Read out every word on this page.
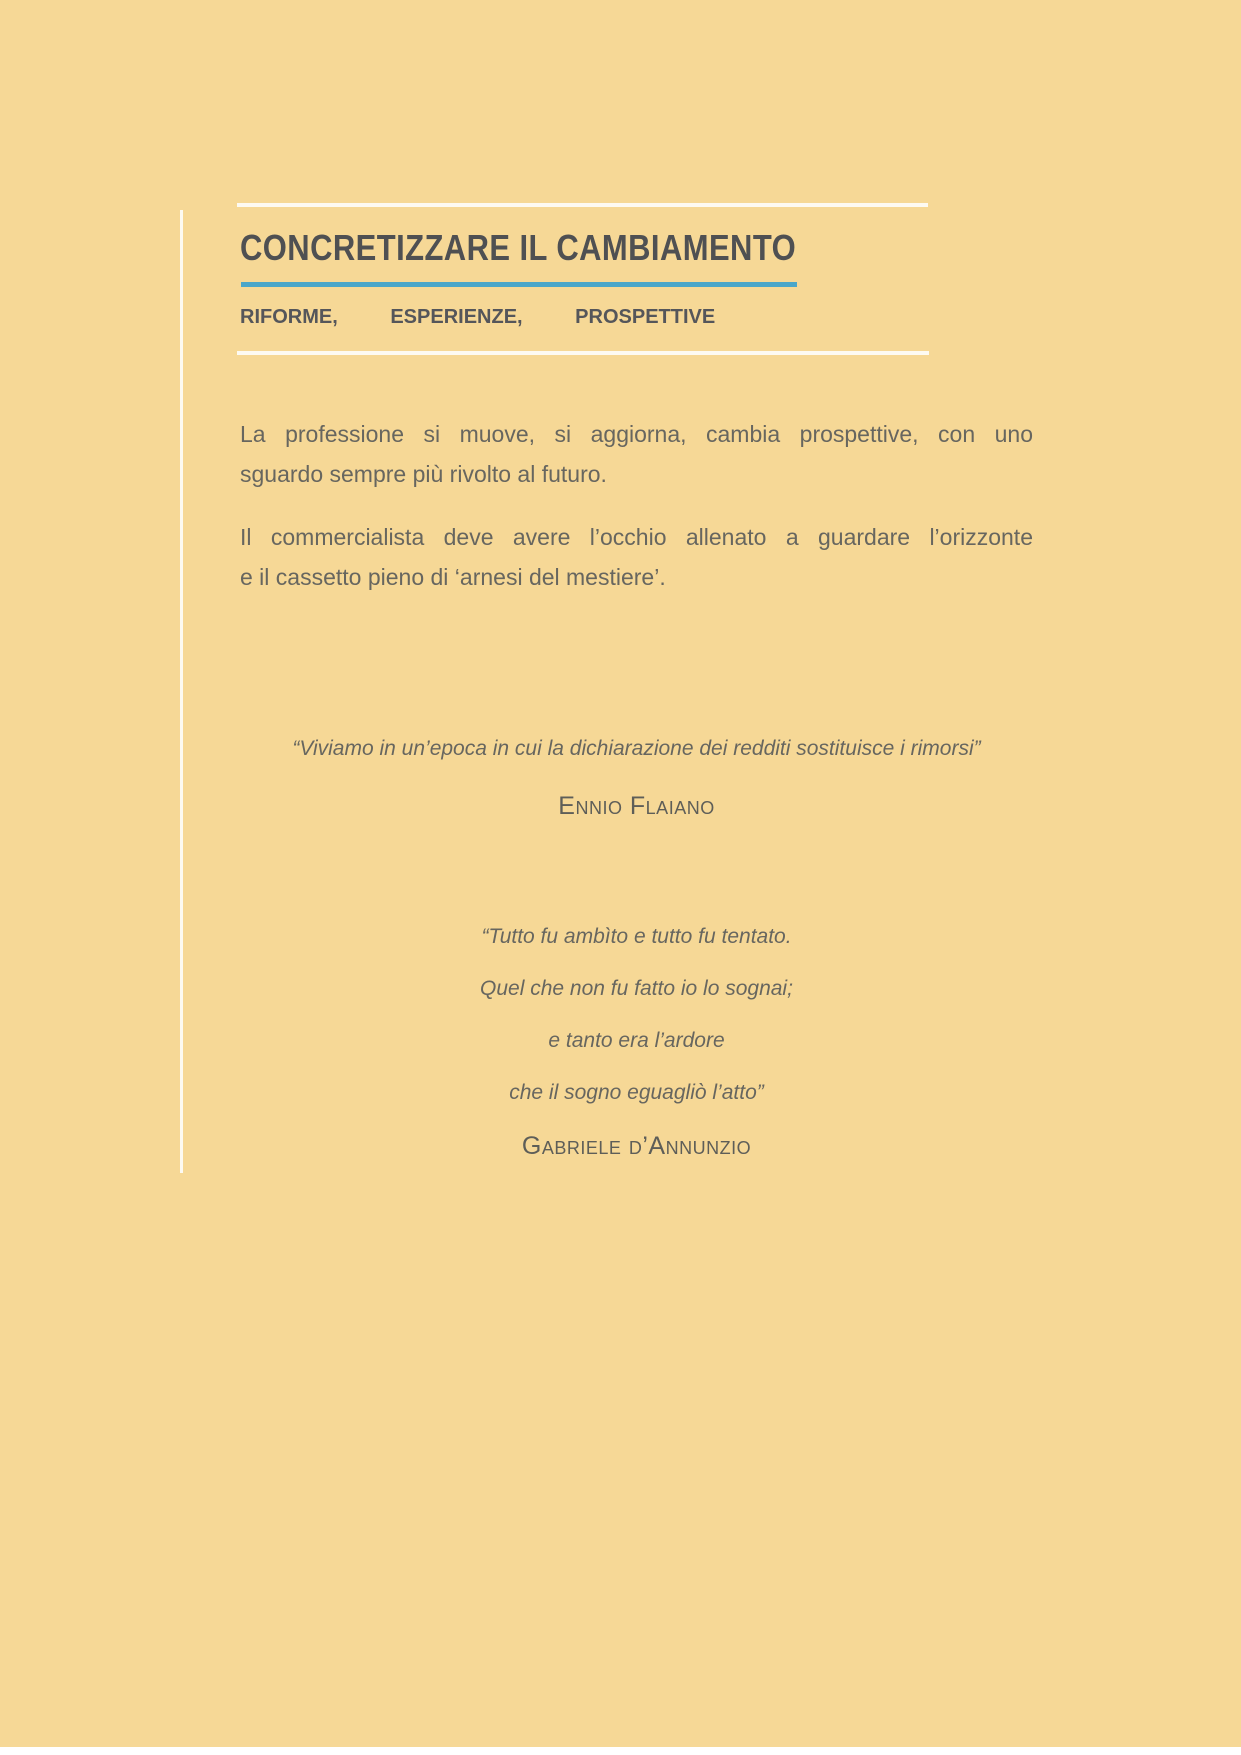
CONCRETIZZARE IL CAMBIAMENTO
RIFORME,	ESPERIENZE,	PROSPETTIVE
La professione si muove, si aggiorna, cambia prospettive, con uno
sguardo sempre più rivolto al futuro.
Il commercialista deve avere l’occhio allenato a guardare l’orizzonte
e il cassetto pieno di ‘arnesi del mestiere’.
“Viviamo in un’epoca in cui la dichiarazione dei redditi sostituisce i rimorsi”
Ennio Flaiano
“Tutto fu ambìto e tutto fu tentato.
Quel che non fu fatto io lo sognai;
e tanto era l’ardore
che il sogno eguagliò l’atto”
Gabriele d’Annunzio
